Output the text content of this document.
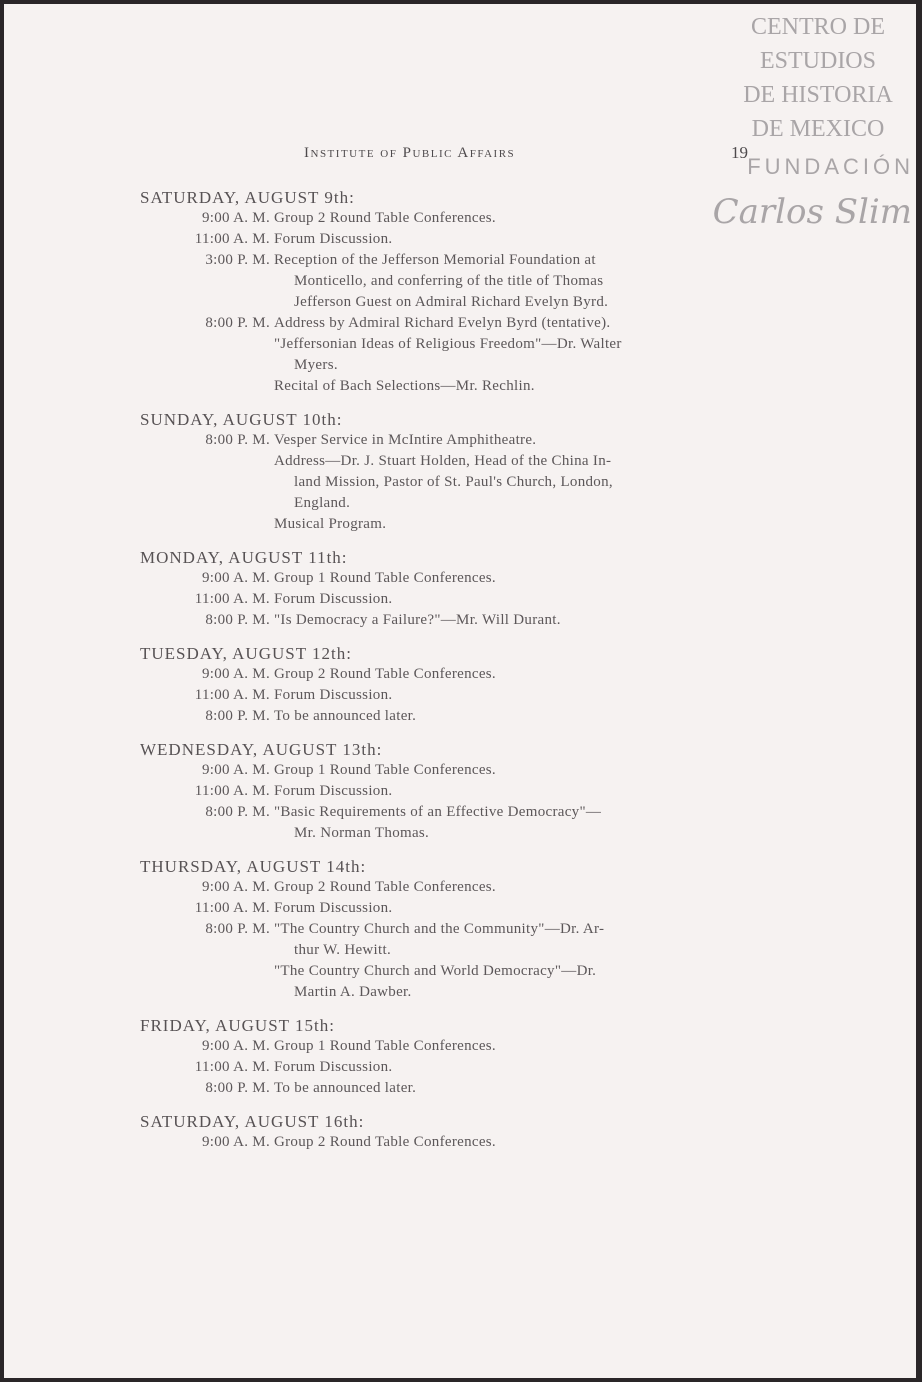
CENTRO DE
ESTUDIOS
DE HISTORIA
DE MEXICO
FUNDACIÓN
Carlos Slim
Institute of Public Affairs	19
SATURDAY, AUGUST 9th:
9:00 A. M. Group 2 Round Table Conferences.
11:00 A. M. Forum Discussion.
3:00 P. M. Reception of the Jefferson Memorial Foundation at
Monticello, and conferring of the title of Thomas
Jefferson Guest on Admiral Richard Evelyn Byrd.
8:00 P. M. Address by Admiral Richard Evelyn Byrd (tentative).
"Jeffersonian Ideas of Religious Freedom"—Dr. Walter
Myers.
Recital of Bach Selections—Mr. Rechlin.
SUNDAY, AUGUST 10th:
8:00 P. M. Vesper Service in McIntire Amphitheatre.
Address—Dr. J. Stuart Holden, Head of the China In-
land Mission, Pastor of St. Paul's Church, London,
England.
Musical Program.
MONDAY, AUGUST 11th:
9:00 A. M. Group 1 Round Table Conferences.
11:00 A. M. Forum Discussion.
8:00 P. M. "Is Democracy a Failure?"—Mr. Will Durant.
TUESDAY, AUGUST 12th:
9:00 A. M. Group 2 Round Table Conferences.
11:00 A. M. Forum Discussion.
8:00 P. M. To be announced later.
WEDNESDAY, AUGUST 13th:
9:00 A. M. Group 1 Round Table Conferences.
11:00 A. M. Forum Discussion.
8:00 P. M. "Basic Requirements of an Effective Democracy"—
Mr. Norman Thomas.
THURSDAY, AUGUST 14th:
9:00 A. M. Group 2 Round Table Conferences.
11:00 A. M. Forum Discussion.
8:00 P. M. "The Country Church and the Community"—Dr. Ar-
thur W. Hewitt.
"The Country Church and World Democracy"—Dr.
Martin A. Dawber.
FRIDAY, AUGUST 15th:
9:00 A. M. Group 1 Round Table Conferences.
11:00 A. M. Forum Discussion.
8:00 P. M. To be announced later.
SATURDAY, AUGUST 16th:
9:00 A. M. Group 2 Round Table Conferences.
